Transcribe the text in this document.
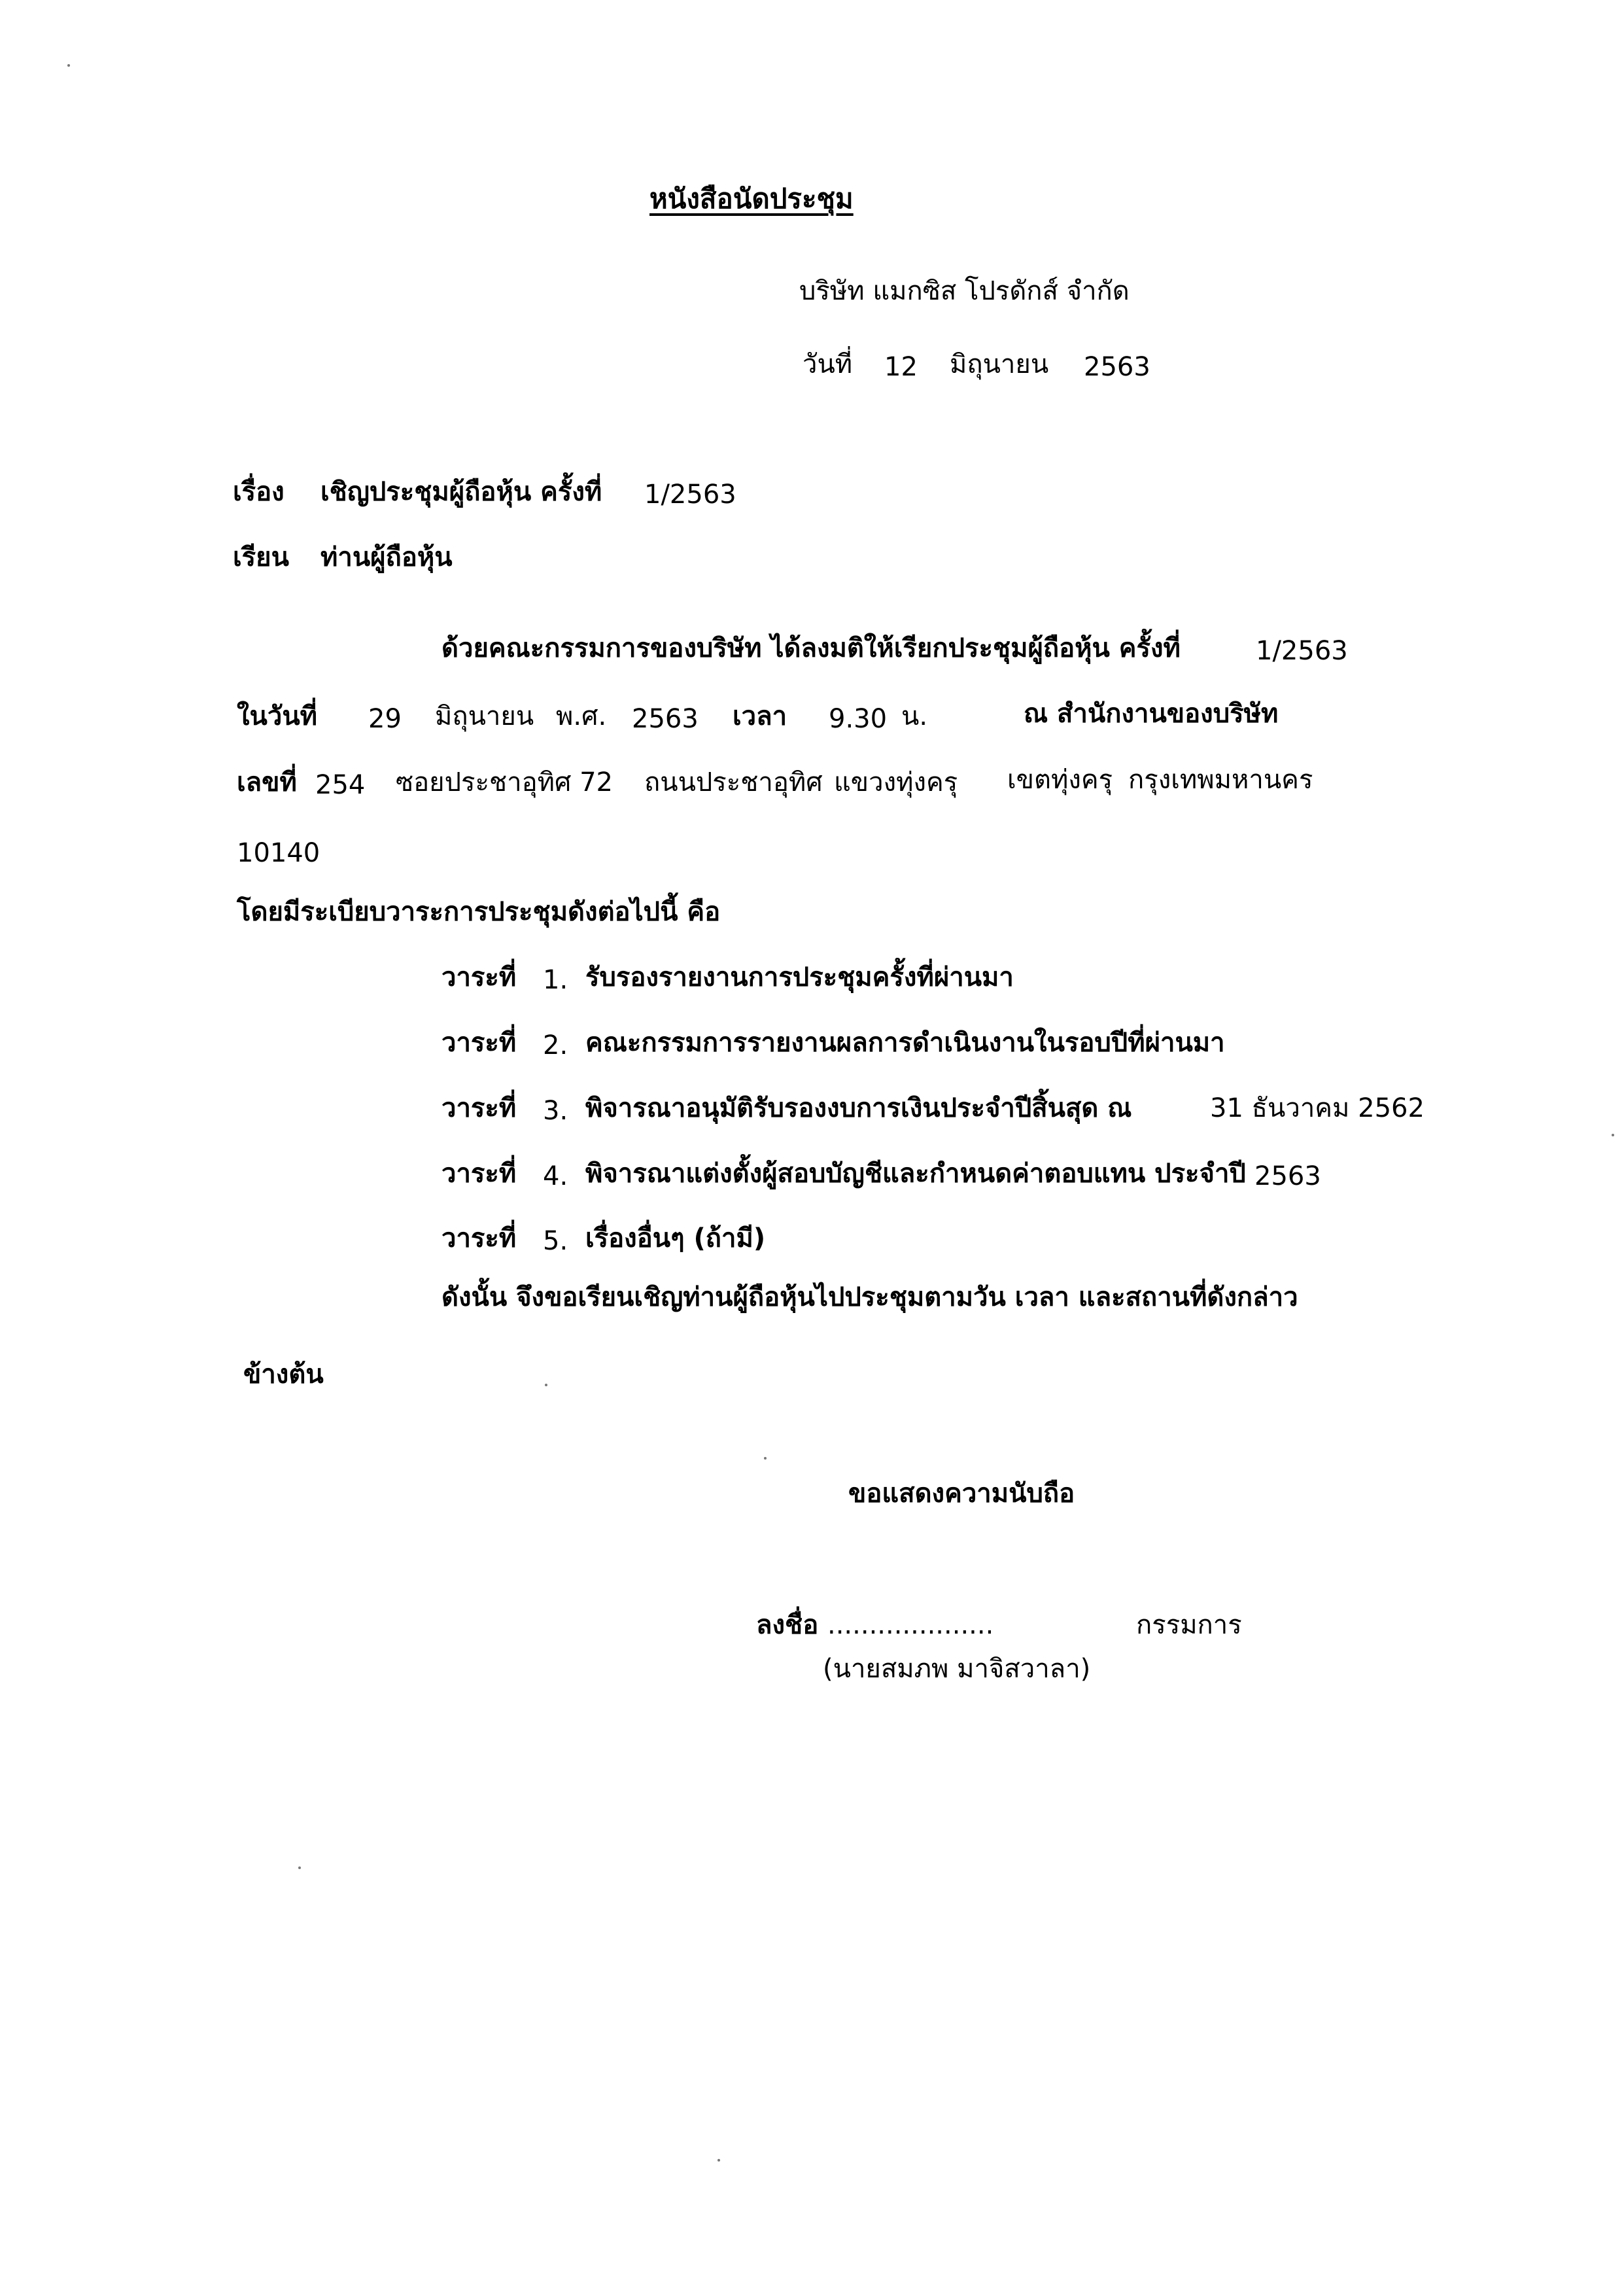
หนังสือนัดประชุม
บริษัท แมกซิส โปรดักส์ จำกัด
วันที่ 12 มิถุนายน 2563
เรื่อง เชิญประชุมผู้ถือหุ้น ครั้งที่ 1/2563
เรียน ท่านผู้ถือหุ้น
ด้วยคณะกรรมการของบริษัท ได้ลงมติให้เรียกประชุมผู้ถือหุ้น ครั้งที่	1/2563
ในวันที่ 29 มิถุนายน พ.ศ. 2563 เวลา 9.30 น.	ณ สำนักงานของบริษัท
เลขที่ 254 ซอยประชาอุทิศ 72 ถนนประชาอุทิศ แขวงทุ่งครุ เขตทุ่งครุ กรุงเทพมหานคร
10140
โดยมีระเบียบวาระการประชุมดังต่อไปนี้ คือ
วาระที่ 1. รับรองรายงานการประชุมครั้งที่ผ่านมา
วาระที่ 2. คณะกรรมการรายงานผลการดำเนินงานในรอบปีที่ผ่านมา
วาระที่ 3. พิจารณาอนุมัติรับรองงบการเงินประจำปีสิ้นสุด ณ	31 ธันวาคม 2562
วาระที่ 4. พิจารณาแต่งตั้งผู้สอบบัญชีและกำหนดค่าตอบแทน ประจำปี 2563
วาระที่ 5. เรื่องอื่นๆ (ถ้ามี)
ดังนั้น จึงขอเรียนเชิญท่านผู้ถือหุ้นไปประชุมตามวัน เวลา และสถานที่ดังกล่าว
ข้างต้น
ขอแสดงความนับถือ
ลงชื่อ ....................	กรรมการ
(นายสมภพ มาจิสวาลา)
